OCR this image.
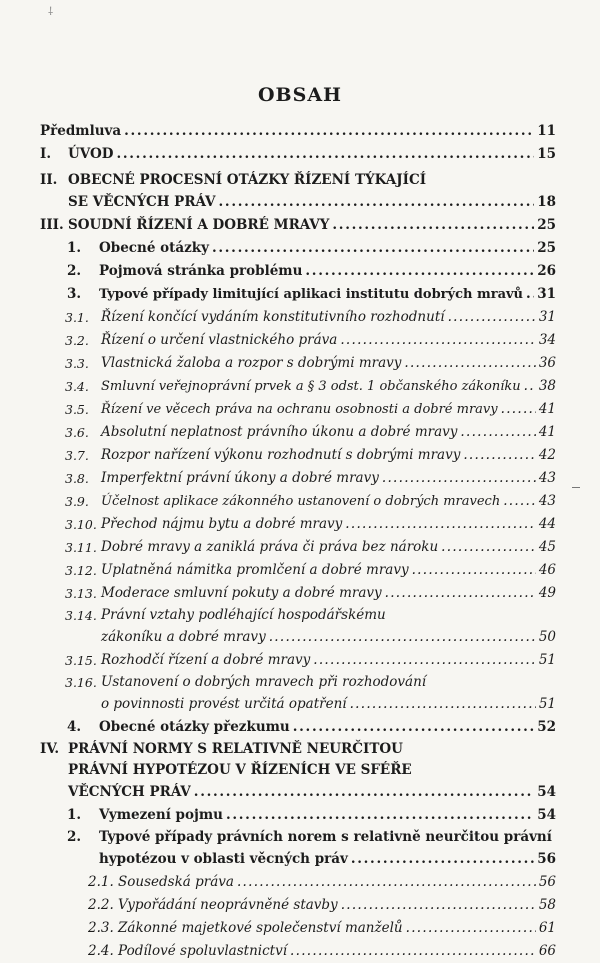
⸸
OBSAH
Předmluva . . .	11
I. ÚVOD . . .	15
II. OBECNÉ PROCESNÍ OTÁZKY ŘÍZENÍ TÝKAJÍCÍ
SE VĚCNÝCH PRÁV . . .	18
III. SOUDNÍ ŘÍZENÍ A DOBRÉ MRAVY . . .	25
1. Obecné otázky . . .	25
2. Pojmová stránka problému . . .	26
3. Typové případy limitující aplikaci institutu dobrých mravů . . . 31
3.1. Řízení končící vydáním konstitutivního rozhodnutí . . .	31
3.2. Řízení o určení vlastnického práva . . .	34
3.3. Vlastnická žaloba a rozpor s dobrými mravy . . .	36
3.4. Smluvní veřejnoprávní prvek a § 3 odst. 1 občanského zákoníku . . . 38
3.5. Řízení ve věcech práva na ochranu osobnosti a dobré mravy . . .	41
3.6. Absolutní neplatnost právního úkonu a dobré mravy . . .	41
3.7. Rozpor nařízení výkonu rozhodnutí s dobrými mravy . . .	42
3.8. Imperfektní právní úkony a dobré mravy . . .	43
3.9. Účelnost aplikace zákonného ustanovení o dobrých mravech . . .	43
3.10. Přechod nájmu bytu a dobré mravy . . .	44
3.11. Dobré mravy a zaniklá práva či práva bez nároku . . .	45
3.12. Uplatněná námitka promlčení a dobré mravy . . .	46
3.13. Moderace smluvní pokuty a dobré mravy . . .	49
3.14. Právní vztahy podléhající hospodářskému
zákoníku a dobré mravy . . .	50
3.15. Rozhodčí řízení a dobré mravy . . .	51
3.16. Ustanovení o dobrých mravech při rozhodování
o povinnosti provést určitá opatření . . .	51
4. Obecné otázky přezkumu . . .	52
IV. PRÁVNÍ NORMY S RELATIVNĚ NEURČITOU
PRÁVNÍ HYPOTÉZOU V ŘÍZENÍCH VE SFÉŘE
VĚCNÝCH PRÁV . . .	54
1. Vymezení pojmu . . .	54
2. Typové případy právních norem s relativně neurčitou právní
hypotézou v oblasti věcných práv . . .	56
2.1. Sousedská práva . . .	56
2.2. Vypořádání neoprávněné stavby . . .	58
2.3. Zákonné majetkové společenství manželů . . .	61
2.4. Podílové spoluvlastnictví . . .	66
